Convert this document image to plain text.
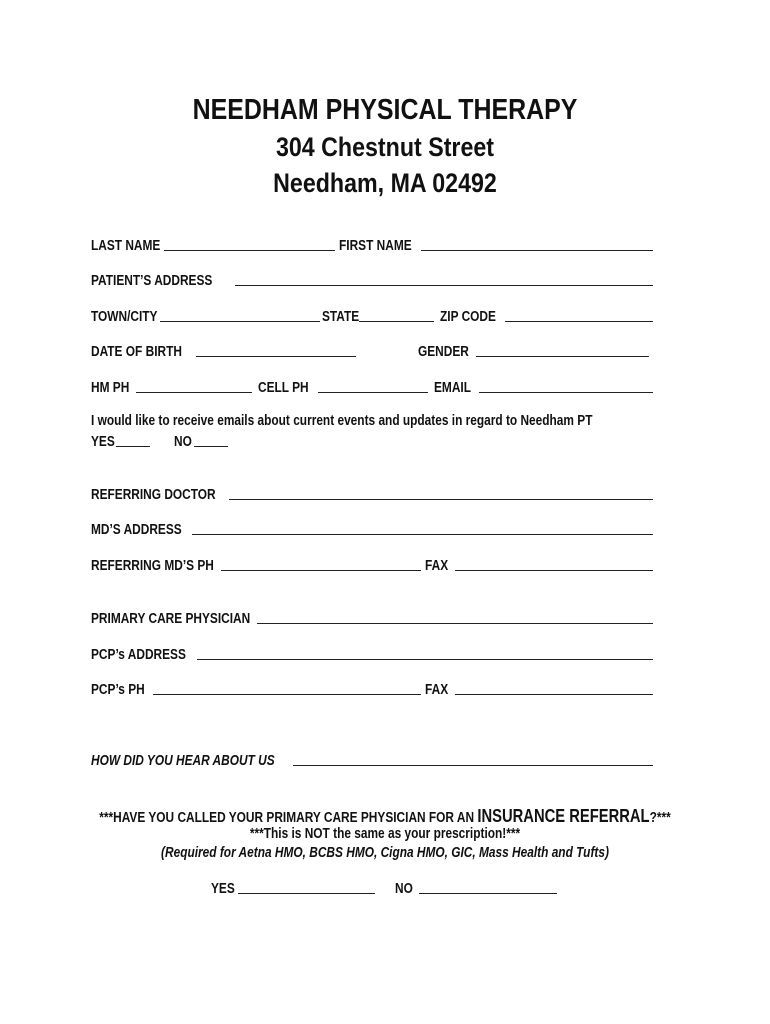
NEEDHAM PHYSICAL THERAPY
304 Chestnut Street
Needham, MA 02492
LAST NAME	FIRST NAME
PATIENT’S ADDRESS
TOWN/CITY	STATE	ZIP CODE
DATE OF BIRTH	GENDER
HM PH	CELL PH	EMAIL
I would like to receive emails about current events and updates in regard to Needham PT
YES	NO
REFERRING DOCTOR
MD’S ADDRESS
REFERRING MD’S PH	FAX
PRIMARY CARE PHYSICIAN
PCP’s ADDRESS
PCP’s PH	FAX
HOW DID YOU HEAR ABOUT US
***HAVE YOU CALLED YOUR PRIMARY CARE PHYSICIAN FOR AN INSURANCE REFERRAL?***
***This is NOT the same as your prescription!***
(Required for Aetna HMO, BCBS HMO, Cigna HMO, GIC, Mass Health and Tufts)
YES	NO
